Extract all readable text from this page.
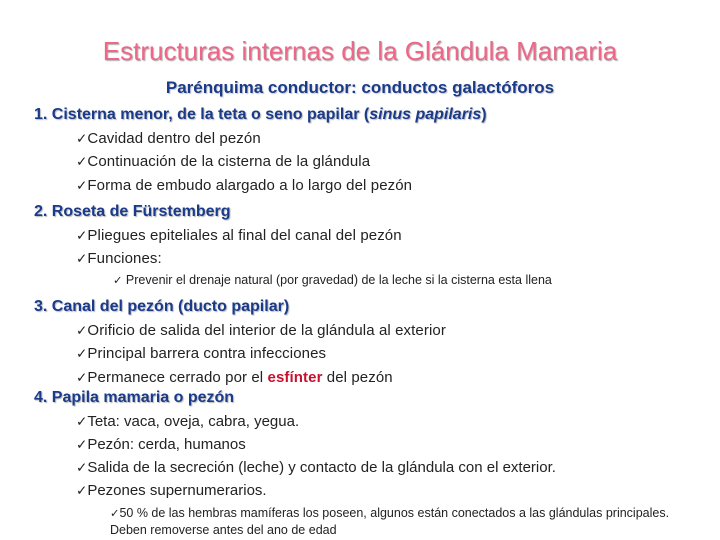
Estructuras internas de la Glándula Mamaria
Parénquima conductor: conductos galactóforos
1. Cisterna menor, de la teta o seno papilar (sinus papilaris)
✓Cavidad dentro del pezón
✓Continuación de la cisterna de la glándula
✓Forma de embudo alargado a lo largo del pezón
2. Roseta de Fürstemberg
✓Pliegues epiteliales al final del canal del pezón
✓Funciones:
✓ Prevenir el drenaje natural (por gravedad) de la leche si la cisterna esta llena
3. Canal del pezón (ducto papilar)
✓Orificio de salida del interior de la glándula al exterior
✓Principal barrera contra infecciones
✓Permanece cerrado por el esfínter del pezón
4. Papila mamaria o pezón
✓Teta: vaca, oveja, cabra, yegua.
✓Pezón: cerda, humanos
✓Salida de la secreción (leche) y contacto de la glándula con el exterior.
✓Pezones supernumerarios.
✓50 % de las hembras mamíferas los poseen, algunos están conectados a las glándulas principales. Deben removerse antes del ano de edad
